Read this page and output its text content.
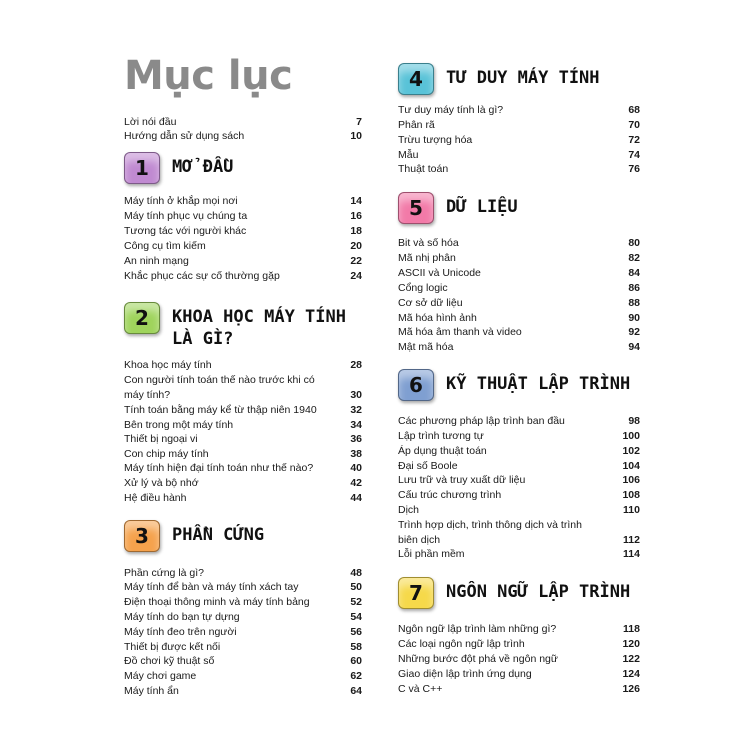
Mục lục
Lời nói đầu	7
Hướng dẫn sử dụng sách	10
1	MỞ ĐẦU
Máy tính ở khắp mọi nơi	14
Máy tính phục vụ chúng ta	16
Tương tác với người khác	18
Công cụ tìm kiếm	20
An ninh mạng	22
Khắc phục các sự cố thường gặp	24
2	KHOA HỌC MÁY TÍNH
LÀ GÌ?
Khoa học máy tính	28
Con người tính toán thế nào trước khi có
máy tính?	30
Tính toán bằng máy kể từ thập niên 1940	32
Bên trong một máy tính	34
Thiết bị ngoại vi	36
Con chip máy tính	38
Máy tính hiện đại tính toán như thế nào?	40
Xử lý và bộ nhớ	42
Hệ điều hành	44
3	PHẦN CỨNG
Phần cứng là gì?	48
Máy tính để bàn và máy tính xách tay	50
Điện thoại thông minh và máy tính bảng	52
Máy tính do bạn tự dựng	54
Máy tính đeo trên người	56
Thiết bị được kết nối	58
Đồ chơi kỹ thuật số	60
Máy chơi game	62
Máy tính ẩn	64
4	TƯ DUY MÁY TÍNH
Tư duy máy tính là gì?	68
Phân rã	70
Trừu tượng hóa	72
Mẫu	74
Thuật toán	76
5	DỮ LIỆU
Bit và số hóa	80
Mã nhị phân	82
ASCII và Unicode	84
Cổng logic	86
Cơ sở dữ liệu	88
Mã hóa hình ảnh	90
Mã hóa âm thanh và video	92
Mật mã hóa	94
6	KỸ THUẬT LẬP TRÌNH
Các phương pháp lập trình ban đầu	98
Lập trình tương tự	100
Áp dụng thuật toán	102
Đại số Boole	104
Lưu trữ và truy xuất dữ liệu	106
Cấu trúc chương trình	108
Dịch	110
Trình hợp dịch, trình thông dịch và trình
biên dịch	112
Lỗi phần mềm	114
7	NGÔN NGỮ LẬP TRÌNH
Ngôn ngữ lập trình làm những gì?	118
Các loại ngôn ngữ lập trình	120
Những bước đột phá về ngôn ngữ	122
Giao diện lập trình ứng dụng	124
C và C++	126
